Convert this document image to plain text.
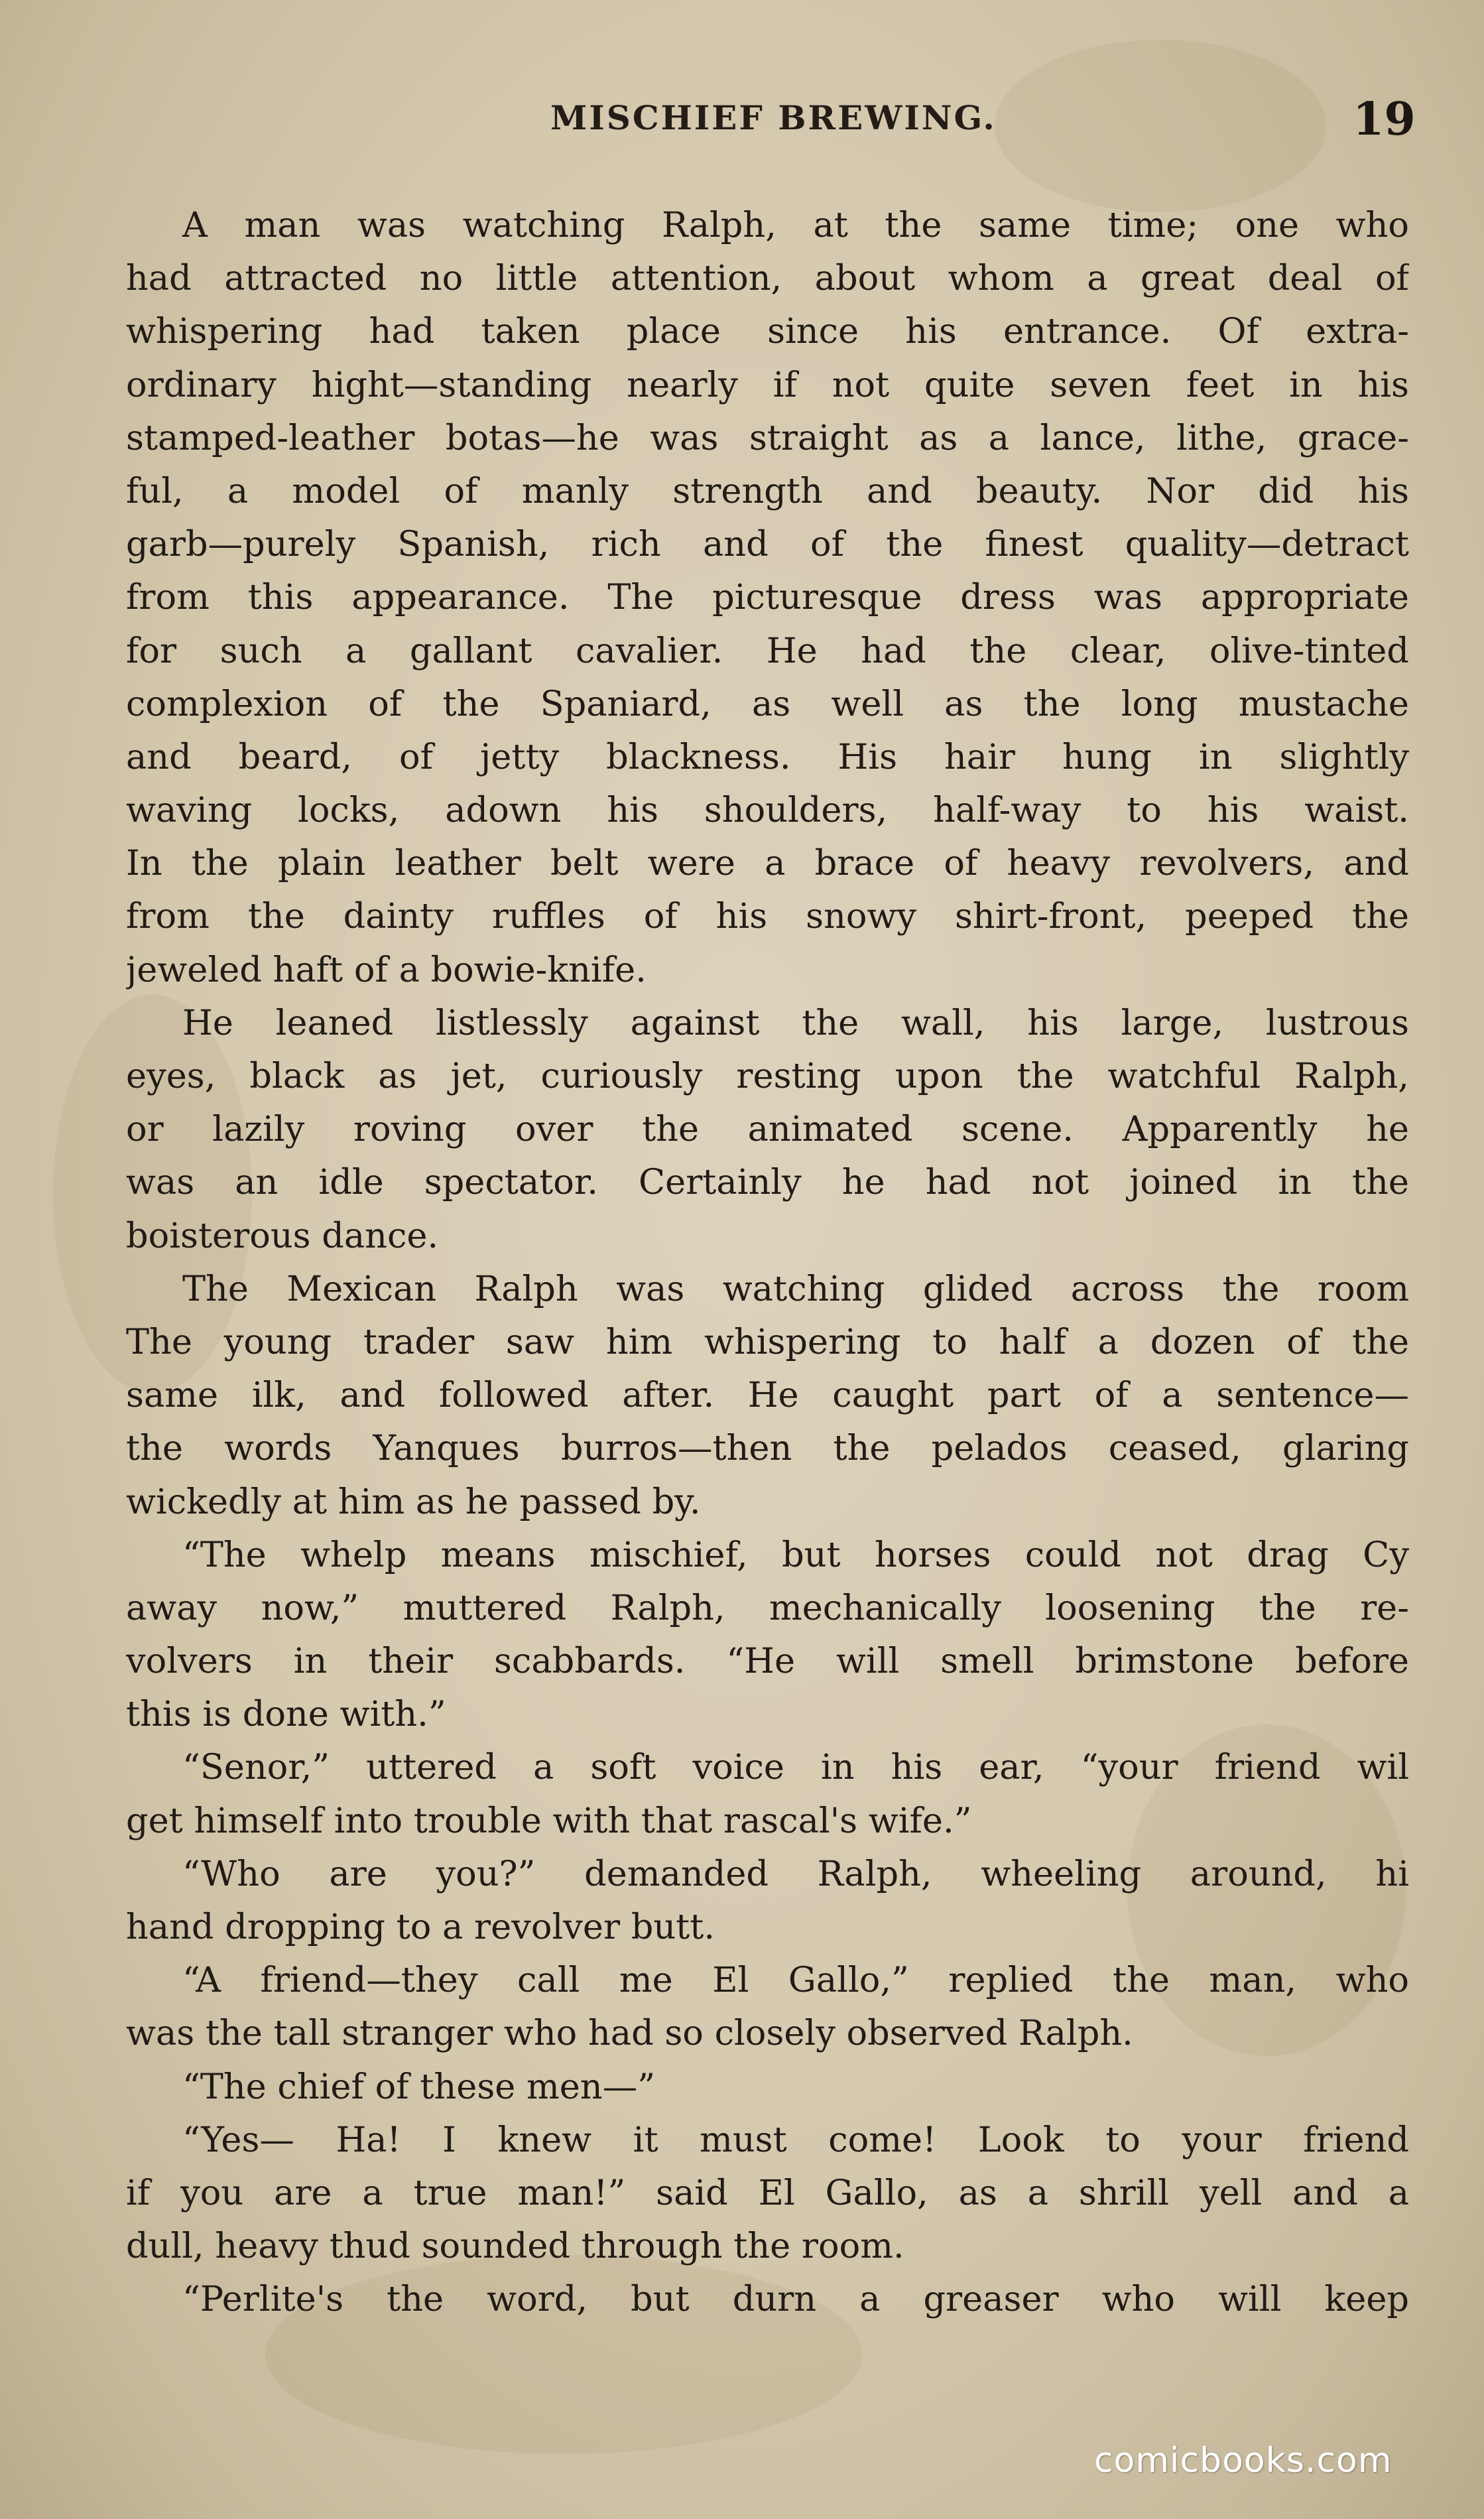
MISCHIEF BREWING.	19
A man was watching Ralph, at the same time; one who
had attracted no little attention, about whom a great deal of
whispering had taken place since his entrance. Of extra-
ordinary hight—standing nearly if not quite seven feet in his
stamped-leather botas—he was straight as a lance, lithe, grace-
ful, a model of manly strength and beauty. Nor did his
garb—purely Spanish, rich and of the finest quality—detract
from this appearance. The picturesque dress was appropriate
for such a gallant cavalier. He had the clear, olive-tinted
complexion of the Spaniard, as well as the long mustache
and beard, of jetty blackness. His hair hung in slightly
waving locks, adown his shoulders, half-way to his waist.
In the plain leather belt were a brace of heavy revolvers, and
from the dainty ruffles of his snowy shirt-front, peeped the
jeweled haft of a bowie-knife.
He leaned listlessly against the wall, his large, lustrous
eyes, black as jet, curiously resting upon the watchful Ralph,
or lazily roving over the animated scene. Apparently he
was an idle spectator. Certainly he had not joined in the
boisterous dance.
The Mexican Ralph was watching glided across the room
The young trader saw him whispering to half a dozen of the
same ilk, and followed after. He caught part of a sentence—
the words Yanques burros—then the pelados ceased, glaring
wickedly at him as he passed by.
“The whelp means mischief, but horses could not drag Cy
away now,” muttered Ralph, mechanically loosening the re-
volvers in their scabbards. “He will smell brimstone before
this is done with.”
“Senor,” uttered a soft voice in his ear, “your friend wil
get himself into trouble with that rascal's wife.”
“Who are you?” demanded Ralph, wheeling around, hi
hand dropping to a revolver butt.
“A friend—they call me El Gallo,” replied the man, who
was the tall stranger who had so closely observed Ralph.
“The chief of these men—”
“Yes— Ha! I knew it must come! Look to your friend
if you are a true man!” said El Gallo, as a shrill yell and a
dull, heavy thud sounded through the room.
“Perlite's the word, but durn a greaser who will keep
comicbooks.com
